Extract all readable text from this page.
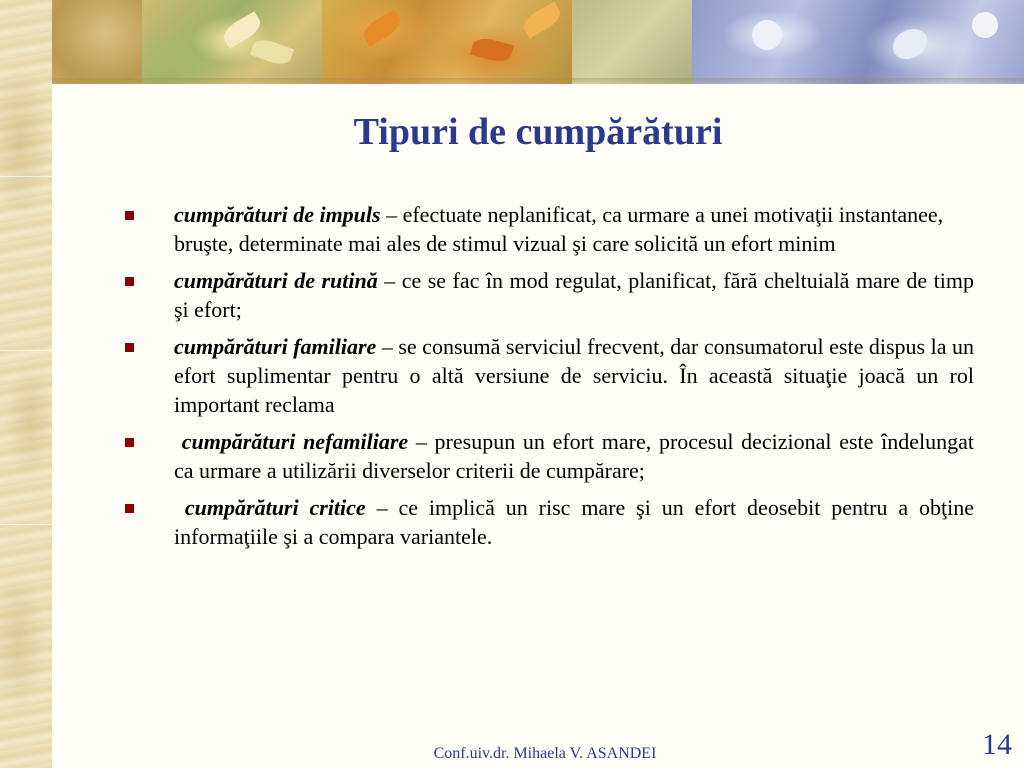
Tipuri de cumpărături
cumpărături de impuls – efectuate neplanificat, ca urmare a unei motivaţii instantanee, bruşte, determinate mai ales de stimul vizual şi care solicită un efort minim
cumpărături de rutină – ce se fac în mod regulat, planificat, fără cheltuială mare de timp şi efort;
cumpărături familiare – se consumă serviciul frecvent, dar consumatorul este dispus la un efort suplimentar pentru o altă versiune de serviciu. În această situaţie joacă un rol important reclama
cumpărături nefamiliare – presupun un efort mare, procesul decizional este îndelungat ca urmare a utilizării diverselor criterii de cumpărare;
cumpărături critice – ce implică un risc mare şi un efort deosebit pentru a obţine informaţiile şi a compara variantele.
Conf.uiv.dr. Mihaela V. ASANDEI	14
